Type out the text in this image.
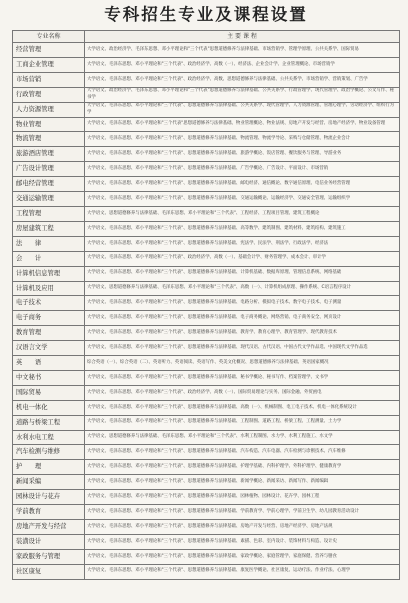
专科招生专业及课程设置
专业名称	主 要 课 程
经营管理	大学语文、政治经济学、毛泽东思想、邓小平理论和"三个代表"思想道德修养与法律基础、市场营销学、管理学原理、公共关系学、国际贸易
工商企业管理	大学语文、毛泽东思想、邓小平理论和"三个代表"、政治经济学、高数（一）、经济法、企业会计学、企业管理概论、市场营销学
市场营销	大学语文、毛泽东思想、邓小平理论和"三个代表"、政治经济学、高数、思想道德修养与法律基础、公共关系学、市场营销学、营销策划、广告学
行政管理	大学语文、政治经济学、毛泽东思想、邓小平理论和"三个代表"思想道德修养与法律基础、公共关系学、行政管理学、现代管理学、政治学概论、公文写作、秘书学
人力资源管理	大学语文、毛泽东思想、邓小平理论和"三个代表"、思想道德修养与法律基础、公共关系学、现代管理学、人力资源管理、管理心理学、劳动经济学、组织行为学
物业管理	大学语文、毛泽东思想、邓小平理论和"三个代表"思想道德修养与法律基础、物业管理概论、物业法规、房地产开发与经营、房地产经济学、物业设备管理
物流管理	大学语文、毛泽东思想、邓小平理论和"三个代表"、思想道德修养与法律基础、物流管理、物流学导论、采购与仓储管理、物流企业会计
旅游酒店管理	大学语文、毛泽东思想、邓小平理论和"三个代表"、思想道德修养与法律基础、旅游学概论、饭店管理、餐饮服务与管理、导游业务
广告设计管理	大学语文、毛泽东思想、邓小平理论和"三个代表"、思想道德修养与法律基础、广告学概论、广告设计、平面设计、市场营销
邮电经营管理	大学语文、毛泽东思想、邓小平理论和"三个代表"、思想道德修养与法律基础、邮电经济、通信概论、数字通信原理、电信业务经营管理
交通运输管理	大学语文、毛泽东思想、邓小平理论和"三个代表"、思想道德修养与法律基础、交通运输概论、运输经济学、交通安全管理、运输组织学
工程管理	大学语文、思想道德修养与法律基础、毛泽东思想、邓小平理论和"三个代表"、工程经济、工程项目管理、建筑工程概论
房屋建筑工程	大学语文、毛泽东思想、邓小平理论和"三个代表"、思想道德修养与法律基础、高等数学、建筑制图、建筑材料、建筑结构、建筑施工
法　　律	大学语文、毛泽东思想、邓小平理论和"三个代表"、思想道德修养与法律基础、宪法学、民法学、刑法学、行政法学、经济法
会　　计	大学语文、毛泽东思想、邓小平理论和"三个代表"、政治经济学、高数（一）、基础会计学、财务管理学、成本会计、审计学
计算机信息管理	大学语文、毛泽东思想、邓小平理论和"三个代表"、思想道德修养与法律基础、计算机基础、数据库原理、管理信息系统、网络基础
计算机及应用	大学语文、思想道德修养与法律基础、毛泽东思想、邓小平理论和"三个代表"、高数（一）、计算机组成原理、操作系统、C语言程序设计
电子技术	大学语文、毛泽东思想、邓小平理论和"三个代表"、思想道德修养与法律基础、电路分析、模拟电子技术、数字电子技术、电子测量
电子商务	大学语文、毛泽东思想、邓小平理论和"三个代表"、思想道德修养与法律基础、电子商务概论、网络营销、电子商务安全、网页设计
教育管理	大学语文、毛泽东思想、邓小平理论和"三个代表"、思想道德修养与法律基础、教育学、教育心理学、教育管理学、现代教育技术
汉语言文学	大学语文、毛泽东思想、邓小平理论和"三个代表"、思想道德修养与法律基础、现代汉语、古代汉语、中国古代文学作品选、中国现代文学作品选
英　　语	综合英语（一）、综合英语（二）、英语听力、英语阅读、英语写作、英美文化概况、思想道德修养与法律基础、英语国家概况
中文秘书	大学语文、毛泽东思想、邓小平理论和"三个代表"、思想道德修养与法律基础、秘书学概论、秘书写作、档案管理学、文书学
国际贸易	大学语文、毛泽东思想、邓小平理论和"三个代表"、政治经济学、高数（一）、国际贸易理论与实务、国际金融、外贸函电
机电一体化	大学语文、毛泽东思想、邓小平理论和"三个代表"、思想道德修养与法律基础、高数（一）、机械制图、电工电子技术、机电一体化系统设计
道路与桥梁工程	大学语文、毛泽东思想、邓小平理论和"三个代表"、思想道德修养与法律基础、工程制图、道路工程、桥梁工程、工程测量、土力学
水利水电工程	大学语文、思想道德修养与法律基础、毛泽东思想、邓小平理论和"三个代表"、水利工程制图、水力学、水利工程施工、水文学
汽车检测与维修	大学语文、毛泽东思想、邓小平理论和"三个代表"、思想道德修养与法律基础、汽车构造、汽车电器、汽车检测与诊断技术、汽车维修
护　　理	大学语文、毛泽东思想、邓小平理论和"三个代表"、思想道德修养与法律基础、护理学基础、内科护理学、外科护理学、健康教育学
新闻采编	大学语文、毛泽东思想、邓小平理论和"三个代表"、思想道德修养与法律基础、新闻学概论、新闻采访、新闻写作、新闻编辑
园林设计与花卉	大学语文、毛泽东思想、邓小平理论和"三个代表"、思想道德修养与法律基础、园林植物、园林设计、花卉学、园林工程
学前教育	大学语文、毛泽东思想、邓小平理论和"三个代表"、思想道德修养与法律基础、学前教育学、学前心理学、学前卫生学、幼儿园教育活动设计
房地产开发与经营	大学语文、毛泽东思想、邓小平理论和"三个代表"、思想道德修养与法律基础、房地产开发与经营、房地产经济学、房地产法规
装潢设计	大学语文、毛泽东思想、邓小平理论和"三个代表"、思想道德修养与法律基础、素描、色彩、室内设计、装饰材料与构造、设计史
家政服务与管理	大学语文、毛泽东思想、邓小平理论和"三个代表"、思想道德修养与法律基础、家政学概论、家庭管理学、家庭保健、营养与膳食
社区康复	大学语文、毛泽东思想、邓小平理论和"三个代表"、思想道德修养与法律基础、康复医学概论、社区康复、运动疗法、作业疗法、心理学
